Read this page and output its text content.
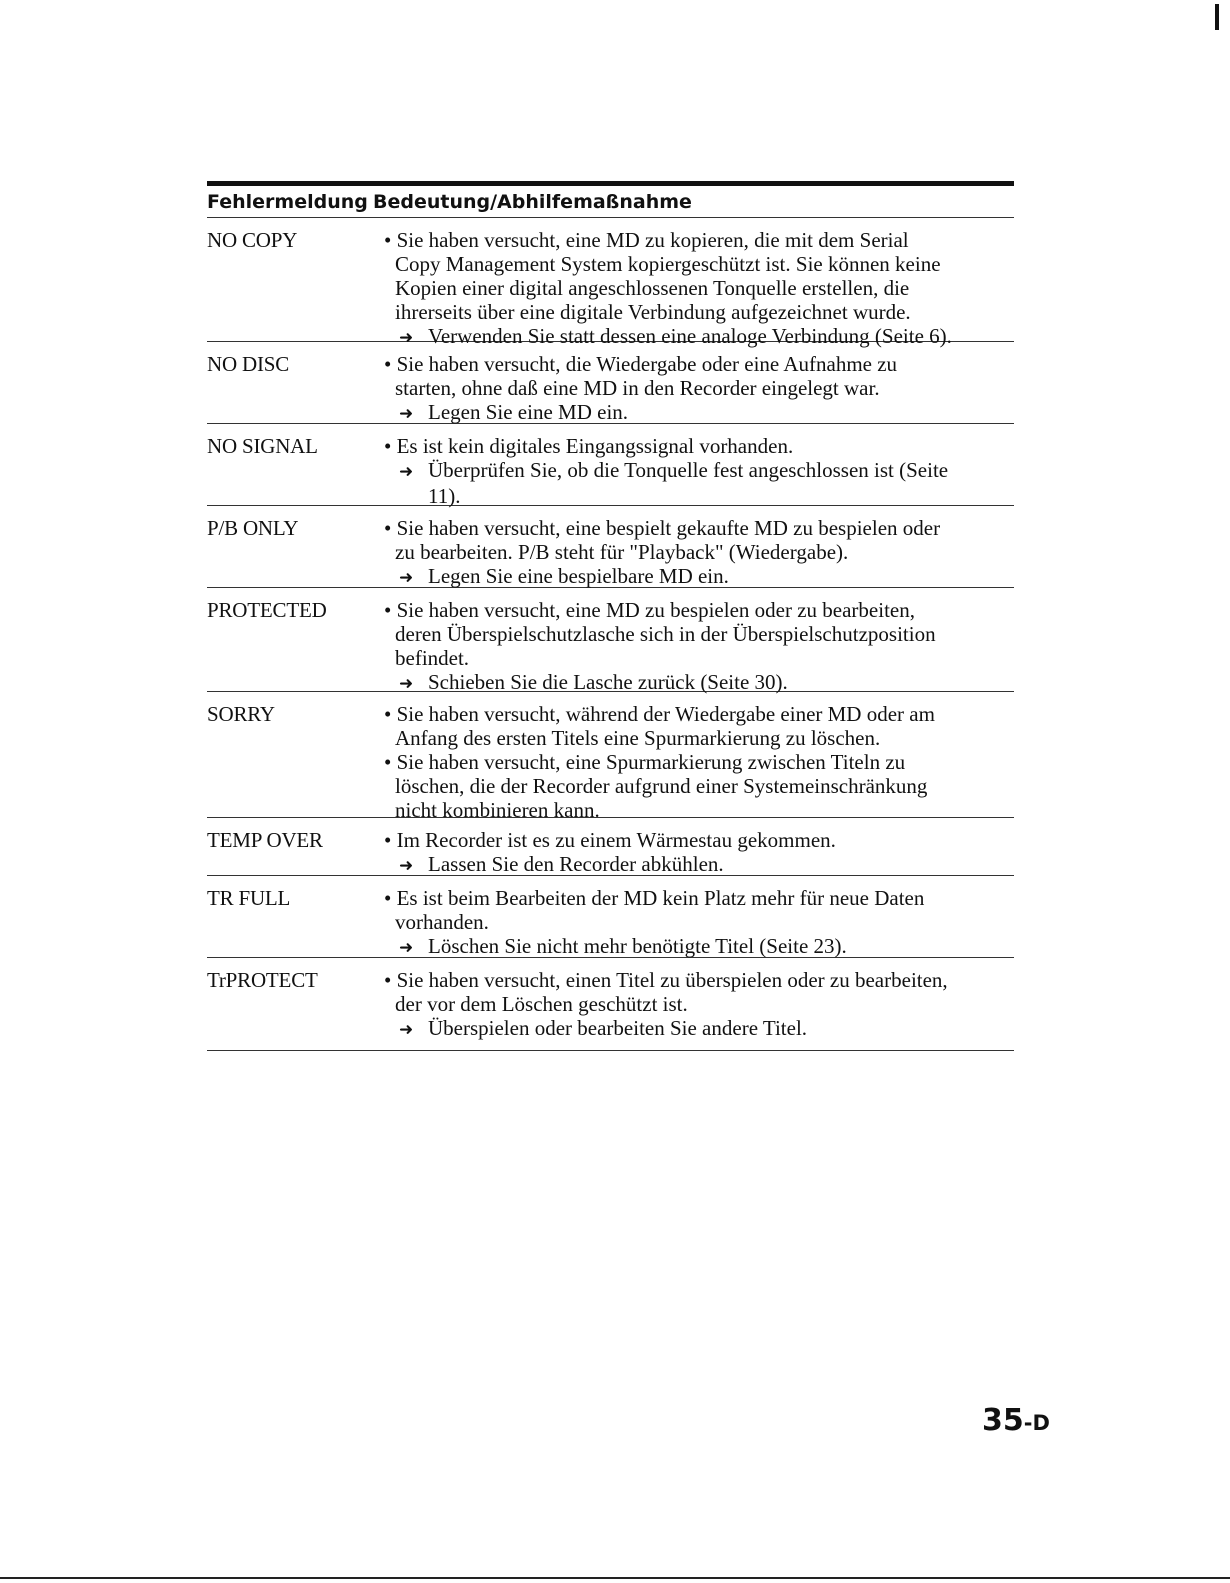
Fehlermeldung Bedeutung/Abhilfemaßnahme
NO COPY	• Sie haben versucht, eine MD zu kopieren, die mit dem Serial
Copy Management System kopiergeschützt ist. Sie können keine
Kopien einer digital angeschlossenen Tonquelle erstellen, die
ihrerseits über eine digitale Verbindung aufgezeichnet wurde.
➜ Verwenden Sie statt dessen eine analoge Verbindung (Seite 6).
NO DISC	• Sie haben versucht, die Wiedergabe oder eine Aufnahme zu
starten, ohne daß eine MD in den Recorder eingelegt war.
➜ Legen Sie eine MD ein.
NO SIGNAL	• Es ist kein digitales Eingangssignal vorhanden.
➜ Überprüfen Sie, ob die Tonquelle fest angeschlossen ist (Seite
11).
P/B ONLY	• Sie haben versucht, eine bespielt gekaufte MD zu bespielen oder
zu bearbeiten. P/B steht für "Playback" (Wiedergabe).
➜ Legen Sie eine bespielbare MD ein.
PROTECTED	• Sie haben versucht, eine MD zu bespielen oder zu bearbeiten,
deren Überspielschutzlasche sich in der Überspielschutzposition
befindet.
➜ Schieben Sie die Lasche zurück (Seite 30).
SORRY	• Sie haben versucht, während der Wiedergabe einer MD oder am
Anfang des ersten Titels eine Spurmarkierung zu löschen.
• Sie haben versucht, eine Spurmarkierung zwischen Titeln zu
löschen, die der Recorder aufgrund einer Systemeinschränkung
nicht kombinieren kann.
TEMP OVER	• Im Recorder ist es zu einem Wärmestau gekommen.
➜ Lassen Sie den Recorder abkühlen.
TR FULL	• Es ist beim Bearbeiten der MD kein Platz mehr für neue Daten
vorhanden.
➜ Löschen Sie nicht mehr benötigte Titel (Seite 23).
TrPROTECT	• Sie haben versucht, einen Titel zu überspielen oder zu bearbeiten,
der vor dem Löschen geschützt ist.
➜ Überspielen oder bearbeiten Sie andere Titel.
35-D
